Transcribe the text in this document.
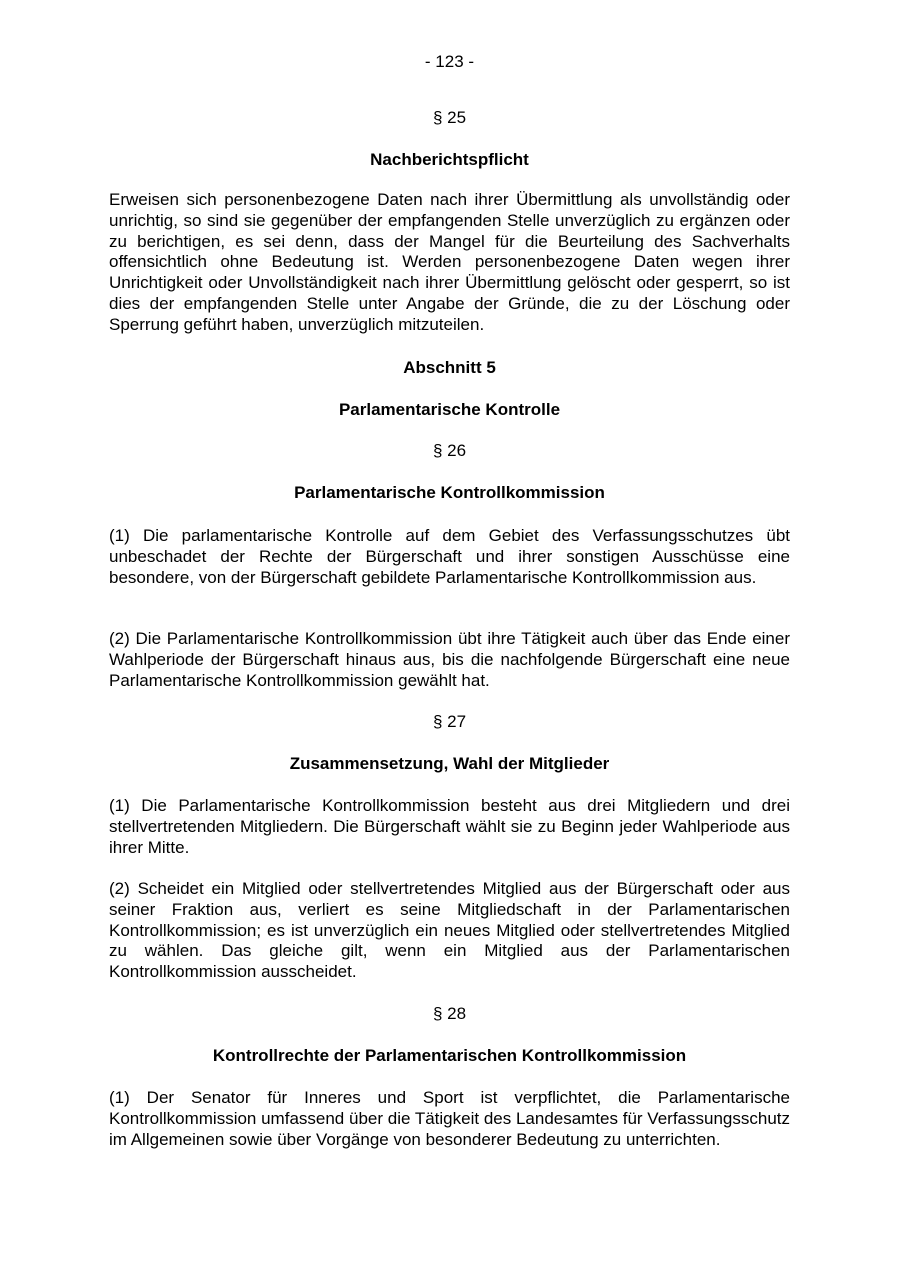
- 123 -
§ 25
Nachberichtspflicht

Erweisen sich personenbezogene Daten nach ihrer Übermittlung als unvollständig oder unrichtig, so sind sie gegenüber der empfangenden Stelle unverzüglich zu ergänzen oder zu berichtigen, es sei denn, dass der Mangel für die Beurteilung des Sachverhalts offensichtlich ohne Bedeutung ist. Werden personenbezogene Daten wegen ihrer Unrichtigkeit oder Unvollständigkeit nach ihrer Übermittlung gelöscht oder gesperrt, so ist dies der empfangenden Stelle unter Angabe der Gründe, die zu der Löschung oder Sperrung geführt haben, unverzüglich mitzuteilen.

Abschnitt 5
Parlamentarische Kontrolle
§ 26
Parlamentarische Kontrollkommission

(1) Die parlamentarische Kontrolle auf dem Gebiet des Verfassungsschutzes übt unbeschadet der Rechte der Bürgerschaft und ihrer sonstigen Ausschüsse eine besondere, von der Bürgerschaft gebildete Parlamentarische Kontrollkommission aus.

(2) Die Parlamentarische Kontrollkommission übt ihre Tätigkeit auch über das Ende einer Wahlperiode der Bürgerschaft hinaus aus, bis die nachfolgende Bürgerschaft eine neue Parlamentarische Kontrollkommission gewählt hat.

§ 27
Zusammensetzung, Wahl der Mitglieder

(1) Die Parlamentarische Kontrollkommission besteht aus drei Mitgliedern und drei stellvertretenden Mitgliedern. Die Bürgerschaft wählt sie zu Beginn jeder Wahlperiode aus ihrer Mitte.

(2) Scheidet ein Mitglied oder stellvertretendes Mitglied aus der Bürgerschaft oder aus seiner Fraktion aus, verliert es seine Mitgliedschaft in der Parlamentarischen Kontrollkommission; es ist unverzüglich ein neues Mitglied oder stellvertretendes Mitglied zu wählen. Das gleiche gilt, wenn ein Mitglied aus der Parlamentarischen Kontrollkommission ausscheidet.

§ 28
Kontrollrechte der Parlamentarischen Kontrollkommission

(1) Der Senator für Inneres und Sport ist verpflichtet, die Parlamentarische Kontrollkommission umfassend über die Tätigkeit des Landesamtes für Verfassungsschutz im Allgemeinen sowie über Vorgänge von besonderer Bedeutung zu unterrichten.
